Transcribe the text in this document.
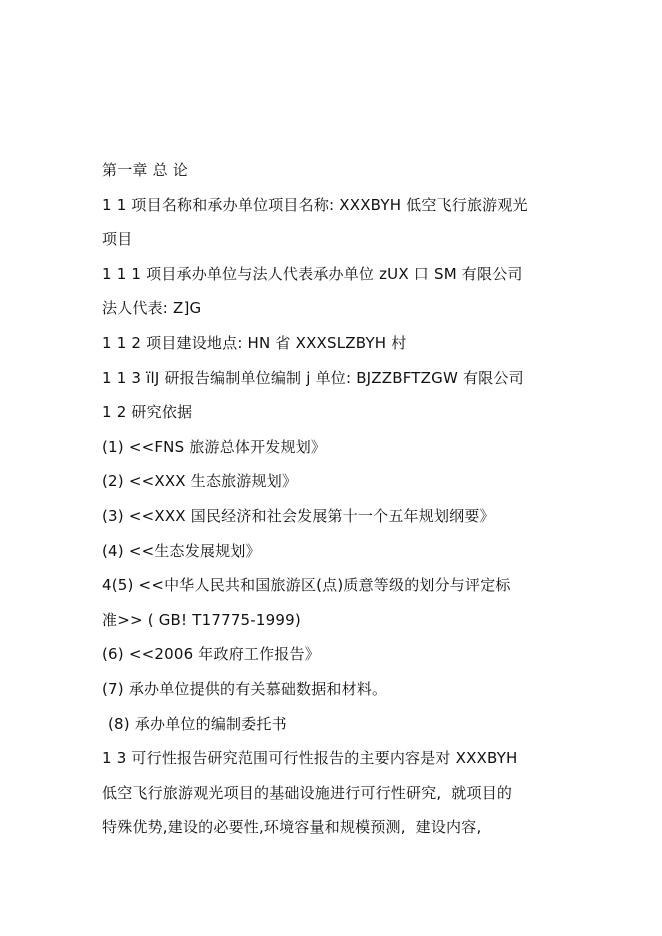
第一章 总 论
1 1 项目名称和承办单位项目名称: XXXBYH 低空飞行旅游观光
项目
1 1 1 项目承办单位与法人代表承办单位 zUX 口 SM 有限公司
法人代表: Z]G
1 1 2 项目建设地点: HN 省 XXXSLZBYH 村
1 1 3 ïlJ 研报告编制单位编制 j 单位: BJZZBFTZGW 有限公司
1 2 研究依据
(1) <<FNS 旅游总体开发规划》
(2) <<XXX 生态旅游规划》
(3) <<XXX 国民经济和社会发展第十一个五年规划纲要》
(4) <<生态发展规划》
4(5) <<中华人民共和国旅游区(点)质意等级的划分与评定标
准>> ( GB! T17775-1999)
(6) <<2006 年政府工作报告》
(7) 承办单位提供的有关慕础数据和材料。
(8) 承办单位的编制委托书
1 3 可行性报告研究范围可行性报告的主要内容是对 XXXBYH
低空飞行旅游观光项目的基础设施进行可行性研究,  就项目的
特殊优势,建设的必要性,环境容量和规模预测,  建设内容,
